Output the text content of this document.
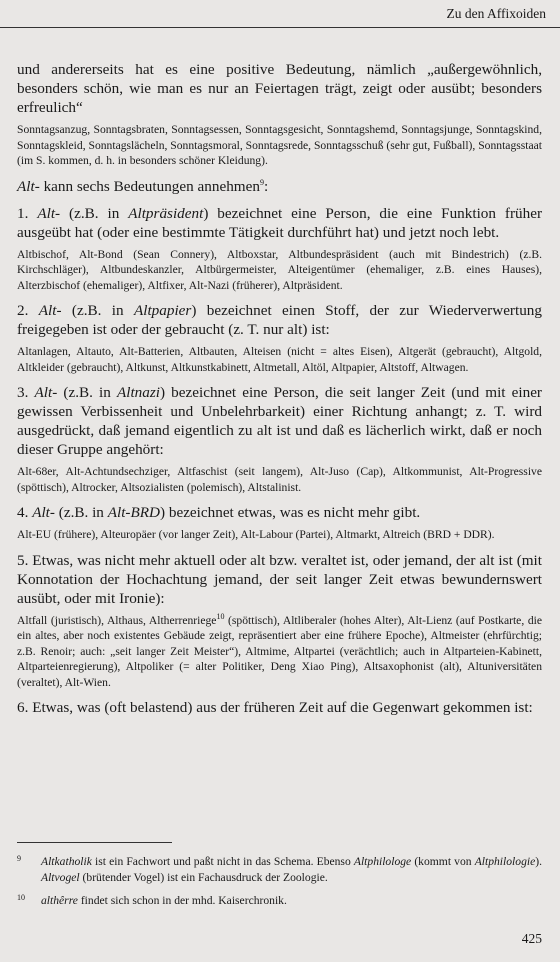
Zu den Affixoiden

und andererseits hat es eine positive Bedeutung, nämlich „außergewöhnlich, besonders schön, wie man es nur an Feiertagen trägt, zeigt oder ausübt; besonders erfreulich“

Sonntagsanzug, Sonntagsbraten, Sonntagsessen, Sonntagsgesicht, Sonntagshemd, Sonntagsjunge, Sonntagskind, Sonntagskleid, Sonntagslächeln, Sonntagsmoral, Sonntagsrede, Sonntagsschuß (sehr gut, Fußball), Sonntagsstaat (im S. kommen, d. h. in besonders schöner Kleidung).

Alt- kann sechs Bedeutungen annehmen$^9$:

1. Alt- (z.B. in Altpräsident) bezeichnet eine Person, die eine Funktion früher ausgeübt hat (oder eine bestimmte Tätigkeit durchführt hat) und jetzt noch lebt.

Altbischof, Alt-Bond (Sean Connery), Altboxstar, Altbundespräsident (auch mit Bindestrich) (z.B. Kirchschläger), Altbundeskanzler, Altbürgermeister, Alteigentümer (ehemaliger, z.B. eines Hauses), Alterzbischof (ehemaliger), Altfixer, Alt-Nazi (früherer), Altpräsident.

2. Alt- (z.B. in Altpapier) bezeichnet einen Stoff, der zur Wiederverwertung freigegeben ist oder der gebraucht (z. T. nur alt) ist:

Altanlagen, Altauto, Alt-Batterien, Altbauten, Alteisen (nicht = altes Eisen), Altgerät (gebraucht), Altgold, Altkleider (gebraucht), Altkunst, Altkunstkabinett, Altmetall, Altöl, Altpapier, Altstoff, Altwagen.

3. Alt- (z.B. in Altnazi) bezeichnet eine Person, die seit langer Zeit (und mit einer gewissen Verbissenheit und Unbelehrbarkeit) einer Richtung anhangt; z. T. wird ausgedrückt, daß jemand eigentlich zu alt ist und daß es lächerlich wirkt, daß er noch dieser Gruppe angehört:

Alt-68er, Alt-Achtundsechziger, Altfaschist (seit langem), Alt-Juso (Cap), Altkommunist, Alt-Progressive (spöttisch), Altrocker, Altsozialisten (polemisch), Altstalinist.

4. Alt- (z.B. in Alt-BRD) bezeichnet etwas, was es nicht mehr gibt.

Alt-EU (frühere), Alteuropäer (vor langer Zeit), Alt-Labour (Partei), Altmarkt, Altreich (BRD + DDR).

5. Etwas, was nicht mehr aktuell oder alt bzw. veraltet ist, oder jemand, der alt ist (mit Konnotation der Hochachtung jemand, der seit langer Zeit etwas bewundernswert ausübt, oder mit Ironie):

Altfall (juristisch), Althaus, Altherrenriege$^{10}$ (spöttisch), Altliberaler (hohes Alter), Alt-Lienz (auf Postkarte, die ein altes, aber noch existentes Gebäude zeigt, repräsentiert aber eine frühere Epoche), Altmeister (ehrfürchtig; z.B. Renoir; auch: „seit langer Zeit Meister“), Altmime, Altpartei (verächtlich; auch in Altparteien-Kabinett, Altparteienregierung), Altpoliker (= alter Politiker, Deng Xiao Ping), Altsaxophonist (alt), Altuniversitäten (veraltet), Alt-Wien.

6. Etwas, was (oft belastend) aus der früheren Zeit auf die Gegenwart gekommen ist:

9	Altkatholik ist ein Fachwort und paßt nicht in das Schema. Ebenso Altphilologe (kommt von Altphilologie). Altvogel (brütender Vogel) ist ein Fachausdruck der Zoologie.
10	althêrre findet sich schon in der mhd. Kaiserchronik.
425
